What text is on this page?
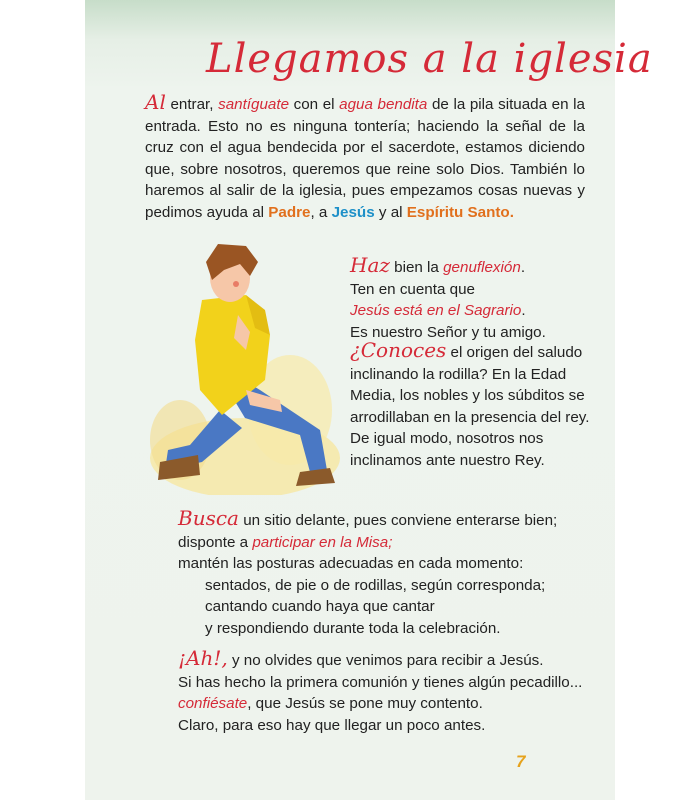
Llegamos a la iglesia
Al entrar, santíguate con el agua bendita de la pila situada en la entrada. Esto no es ninguna tontería; haciendo la señal de la cruz con el agua bendecida por el sacerdote, estamos diciendo que, sobre nosotros, queremos que reine solo Dios. También lo haremos al salir de la iglesia, pues empezamos cosas nuevas y pedimos ayuda al Padre, a Jesús y al Espíritu Santo.
Haz bien la genuflexión.
Ten en cuenta que
Jesús está en el Sagrario.
Es nuestro Señor y tu amigo.
¿Conoces el origen del saludo inclinando la rodilla? En la Edad Media, los nobles y los súbditos se arrodillaban en la presencia del rey. De igual modo, nosotros nos inclinamos ante nuestro Rey.
Busca un sitio delante, pues conviene enterarse bien;
disponte a participar en la Misa;
mantén las posturas adecuadas en cada momento:
sentados, de pie o de rodillas, según corresponda;
cantando cuando haya que cantar
y respondiendo durante toda la celebración.
¡Ah!, y no olvides que venimos para recibir a Jesús.
Si has hecho la primera comunión y tienes algún pecadillo...
confiésate, que Jesús se pone muy contento.
Claro, para eso hay que llegar un poco antes.
7
